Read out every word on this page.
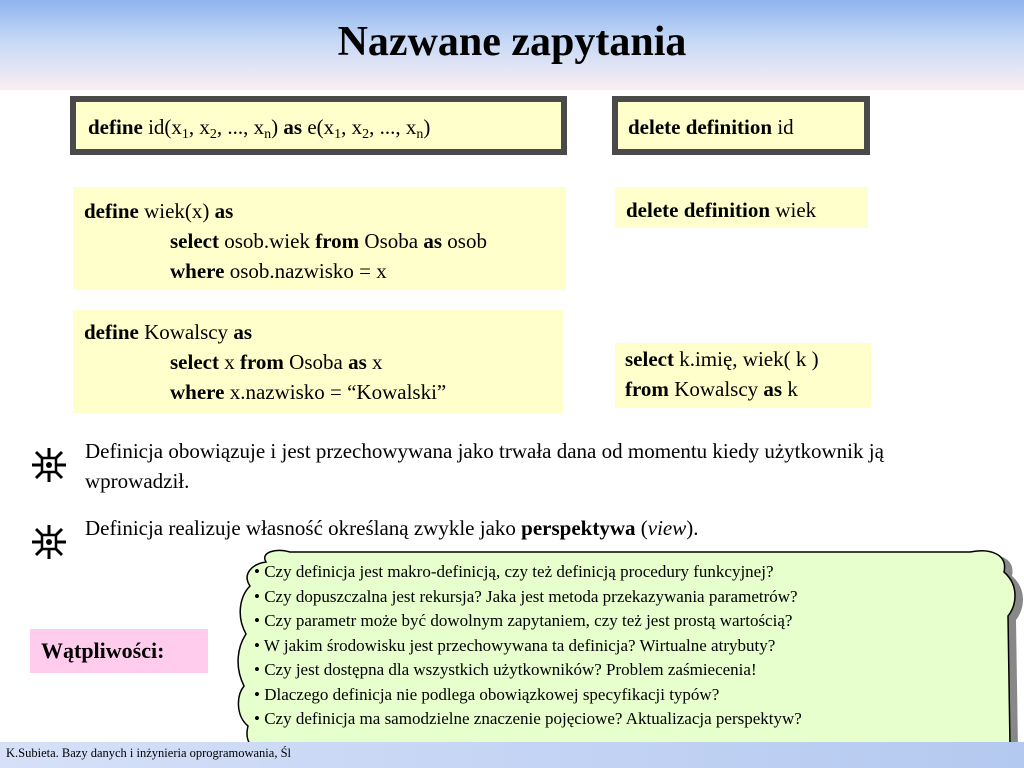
Nazwane zapytania
define $id(x_1$, $x_2$, ..., $x_n$) as $e(x_1$, $x_2$, ..., $x_n$)	delete definition id
define wiek(x) as
select osob.wiek from Osoba as osob
where osob.nazwisko = x
delete definition wiek
define Kowalscy as
select x from Osoba as x
where x.nazwisko = “Kowalski”
select k.imię, wiek( k )
from Kowalscy as k
Definicja obowiązuje i jest przechowywana jako trwała dana od momentu kiedy użytkownik ją wprowadził.
Definicja realizuje własność określaną zwykle jako perspektywa (view).
Wątpliwości:
• Czy definicja jest makro-definicją, czy też definicją procedury funkcyjnej?
• Czy dopuszczalna jest rekursja? Jaka jest metoda przekazywania parametrów?
• Czy parametr może być dowolnym zapytaniem, czy też jest prostą wartością?
• W jakim środowisku jest przechowywana ta definicja? Wirtualne atrybuty?
• Czy jest dostępna dla wszystkich użytkowników? Problem zaśmiecenia!
• Dlaczego definicja nie podlega obowiązkowej specyfikacji typów?
• Czy definicja ma samodzielne znaczenie pojęciowe? Aktualizacja perspektyw?
K.Subieta. Bazy danych i inżynieria oprogramowania, Śl
